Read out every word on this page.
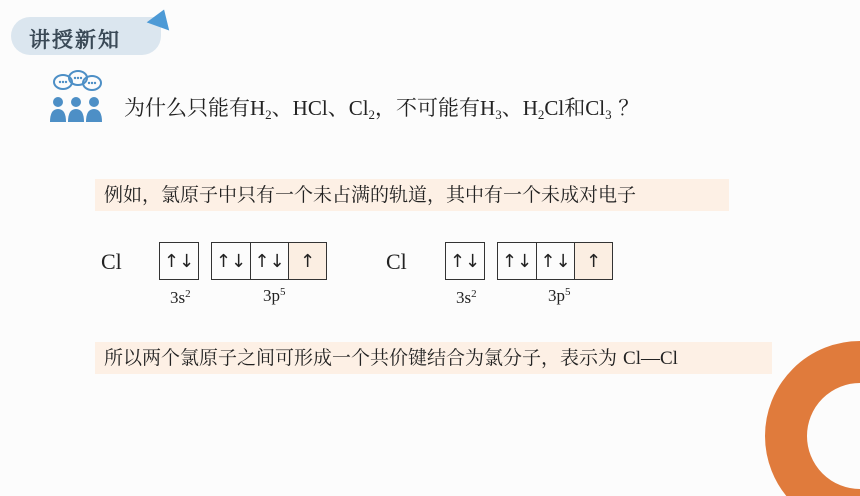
讲授新知
为什么只能有$H_2$、HCl、$Cl_2$，不可能有$H_3$、$H_2Cl$和$Cl_3$ ？
例如，氯原子中只有一个未占满的轨道，其中有一个未成对电子
Cl ↑↓ ↑↓ ↑↓ ↑
$3s^2$	$3p^5$
Cl ↑↓ ↑↓ ↑↓ ↑
$3s^2$	$3p^5$
所以两个氯原子之间可形成一个共价键结合为氯分子，表示为 Cl—Cl
